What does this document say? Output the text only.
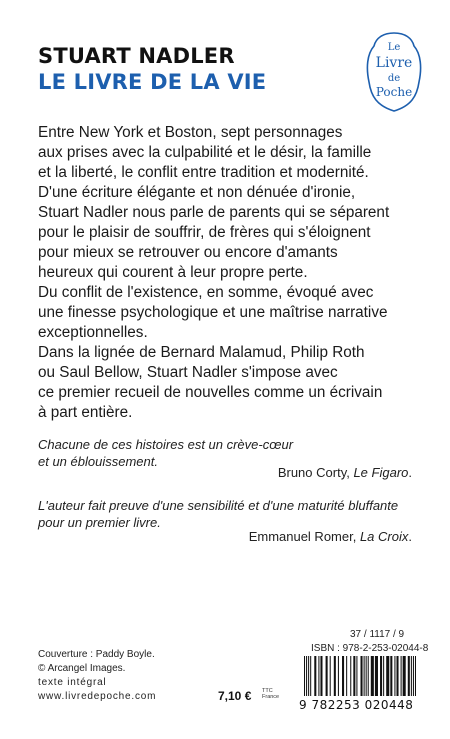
STUART NADLER
LE LIVRE DE LA VIE
Le
Livre
de
Poche
Entre New York et Boston, sept personnages
aux prises avec la culpabilité et le désir, la famille
et la liberté, le conflit entre tradition et modernité.
D'une écriture élégante et non dénuée d'ironie,
Stuart Nadler nous parle de parents qui se séparent
pour le plaisir de souffrir, de frères qui s'éloignent
pour mieux se retrouver ou encore d'amants
heureux qui courent à leur propre perte.
Du conflit de l'existence, en somme, évoqué avec
une finesse psychologique et une maîtrise narrative
exceptionnelles.
Dans la lignée de Bernard Malamud, Philip Roth
ou Saul Bellow, Stuart Nadler s'impose avec
ce premier recueil de nouvelles comme un écrivain
à part entière.
Chacune de ces histoires est un crève-cœur
et un éblouissement.
Bruno Corty, Le Figaro.
L'auteur fait preuve d'une sensibilité et d'une maturité bluffante
pour un premier livre.
Emmanuel Romer, La Croix.
Couverture : Paddy Boyle.
© Arcangel Images.
texte intégral
www.livredepoche.com	7,10 € TTC
France
37 / 1117 / 9
ISBN : 978-2-253-02044-8
9 782253 020448
